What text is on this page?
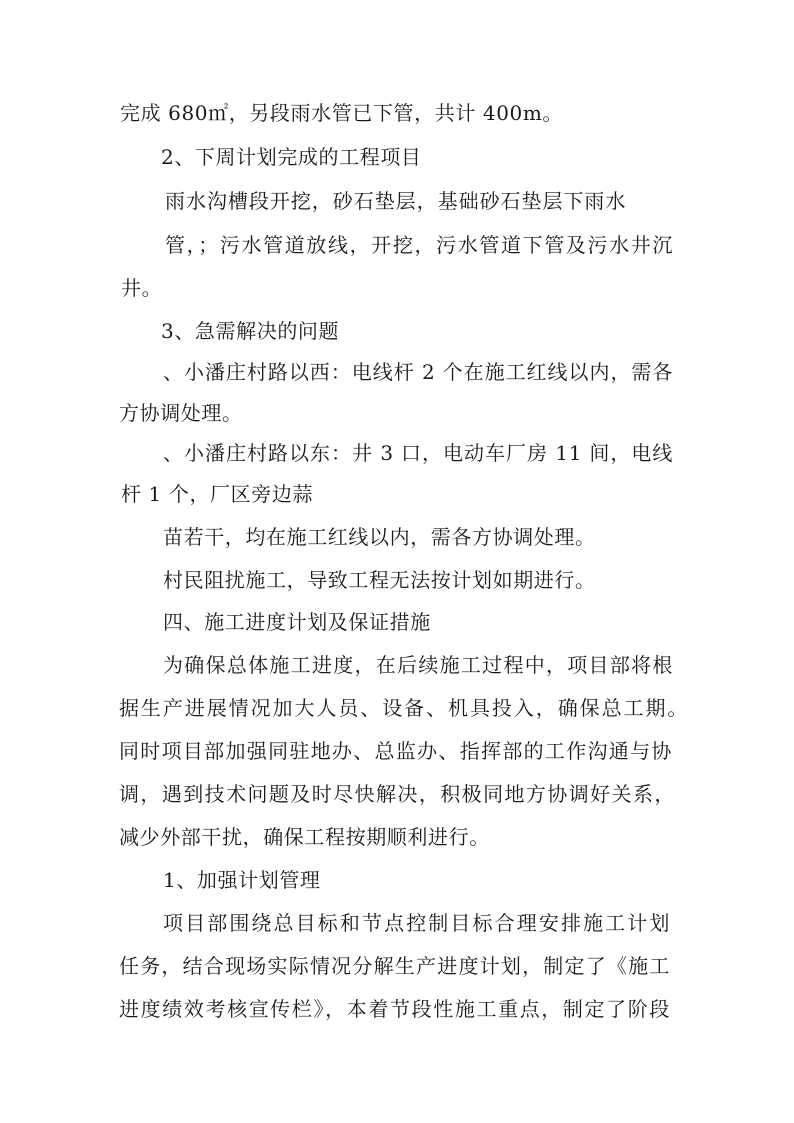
完成 680㎡，另段雨水管已下管，共计 400m。
2、下周计划完成的工程项目
雨水沟槽段开挖，砂石垫层，基础砂石垫层下雨水
管，；污水管道放线，开挖，污水管道下管及污水井沉
井。
3、急需解决的问题
、小潘庄村路以西：电线杆 2 个在施工红线以内，需各
方协调处理。
、小潘庄村路以东：井 3 口，电动车厂房 11 间，电线
杆 1 个，厂区旁边蒜
苗若干，均在施工红线以内，需各方协调处理。
村民阻扰施工，导致工程无法按计划如期进行。
四、施工进度计划及保证措施
为确保总体施工进度，在后续施工过程中，项目部将根
据生产进展情况加大人员、设备、机具投入，确保总工期。
同时项目部加强同驻地办、总监办、指挥部的工作沟通与协
调，遇到技术问题及时尽快解决，积极同地方协调好关系，
减少外部干扰，确保工程按期顺利进行。
1、加强计划管理
项目部围绕总目标和节点控制目标合理安排施工计划
任务，结合现场实际情况分解生产进度计划，制定了《施工
进度绩效考核宣传栏》，本着节段性施工重点，制定了阶段
